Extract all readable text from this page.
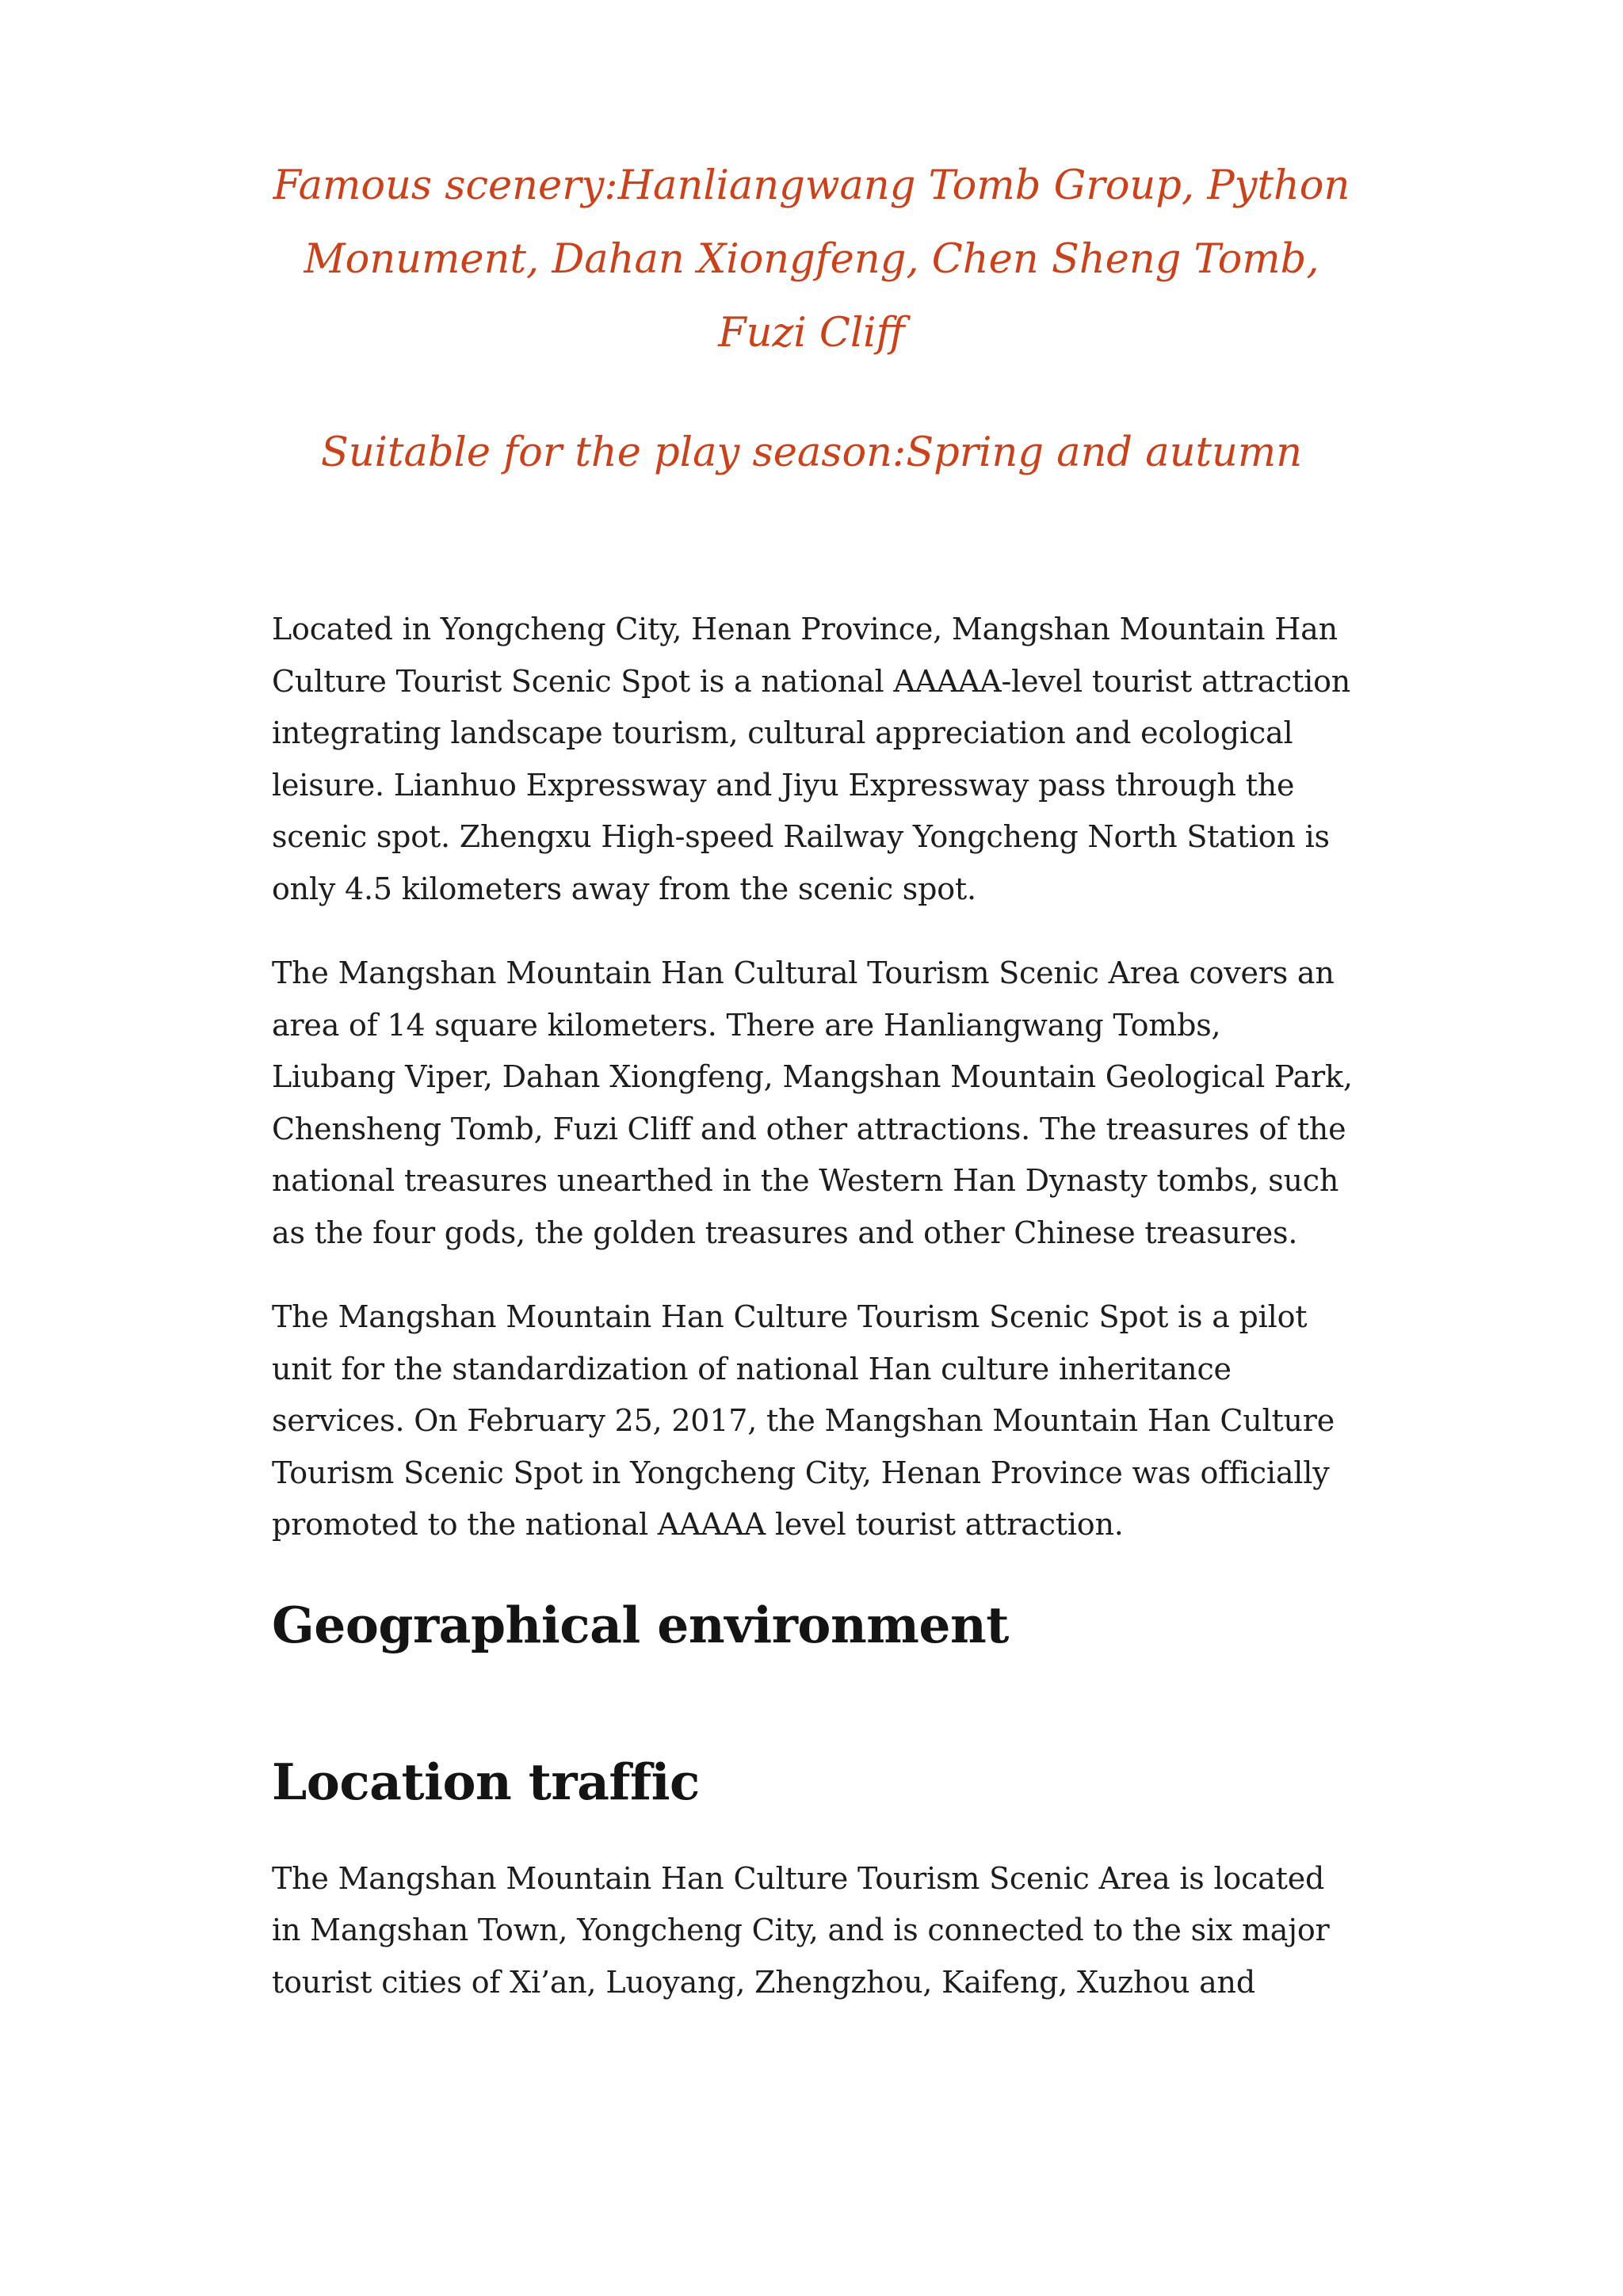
Famous scenery:Hanliangwang Tomb Group, Python Monument, Dahan Xiongfeng, Chen Sheng Tomb, Fuzi Cliff

Suitable for the play season:Spring and autumn

Located in Yongcheng City, Henan Province, Mangshan Mountain Han Culture Tourist Scenic Spot is a national AAAAA-level tourist attraction integrating landscape tourism, cultural appreciation and ecological leisure. Lianhuo Expressway and Jiyu Expressway pass through the scenic spot. Zhengxu High-speed Railway Yongcheng North Station is only 4.5 kilometers away from the scenic spot.

The Mangshan Mountain Han Cultural Tourism Scenic Area covers an area of 14 square kilometers. There are Hanliangwang Tombs, Liubang Viper, Dahan Xiongfeng, Mangshan Mountain Geological Park, Chensheng Tomb, Fuzi Cliff and other attractions. The treasures of the national treasures unearthed in the Western Han Dynasty tombs, such as the four gods, the golden treasures and other Chinese treasures.

The Mangshan Mountain Han Culture Tourism Scenic Spot is a pilot unit for the standardization of national Han culture inheritance services. On February 25, 2017, the Mangshan Mountain Han Culture Tourism Scenic Spot in Yongcheng City, Henan Province was officially promoted to the national AAAAA level tourist attraction.

Geographical environment
Location traffic

The Mangshan Mountain Han Culture Tourism Scenic Area is located in Mangshan Town, Yongcheng City, and is connected to the six major tourist cities of Xi’an, Luoyang, Zhengzhou, Kaifeng, Xuzhou and
